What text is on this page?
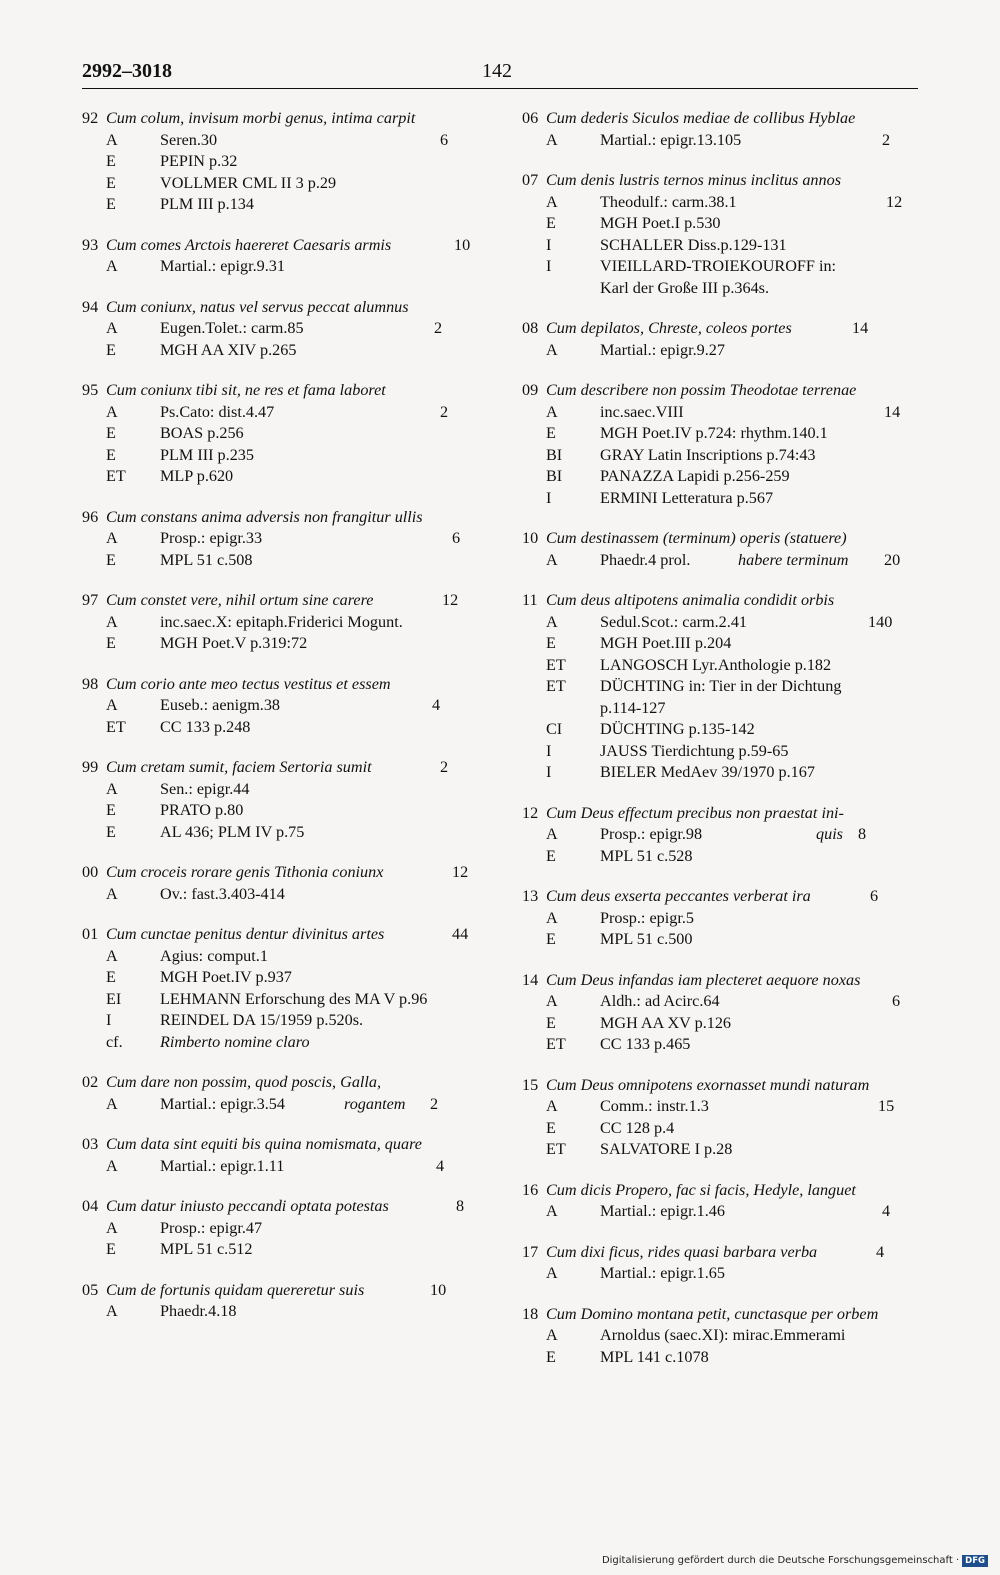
2992–3018	142
92 Cum colum, invisum morbi genus, intima carpit
A	Seren.30	6
E	PEPIN p.32
E	VOLLMER CML II 3 p.29
E	PLM III p.134
93 Cum comes Arctois haereret Caesaris armis	10
A	Martial.: epigr.9.31
94 Cum coniunx, natus vel servus peccat alumnus
A	Eugen.Tolet.: carm.85	2
E	MGH AA XIV p.265
95 Cum coniunx tibi sit, ne res et fama laboret
A	Ps.Cato: dist.4.47	2
E	BOAS p.256
E	PLM III p.235
ET MLP p.620
96 Cum constans anima adversis non frangitur ullis
A	Prosp.: epigr.33	6
E	MPL 51 c.508
97 Cum constet vere, nihil ortum sine carere	12
A	inc.saec.X: epitaph.Friderici Mogunt.
E	MGH Poet.V p.319:72
98 Cum corio ante meo tectus vestitus et essem
A	Euseb.: aenigm.38	4
ET CC 133 p.248
99 Cum cretam sumit, faciem Sertoria sumit	2
A	Sen.: epigr.44
E	PRATO p.80
E	AL 436; PLM IV p.75
00 Cum croceis rorare genis Tithonia coniunx	12
A	Ov.: fast.3.403-414
01 Cum cunctae penitus dentur divinitus artes	44
A	Agius: comput.1
E	MGH Poet.IV p.937
EI LEHMANN Erforschung des MA V p.96
I	REINDEL DA 15/1959 p.520s.
cf. Rimberto nomine claro
02 Cum dare non possim, quod poscis, Galla,
A	Martial.: epigr.3.54	rogantem 2
03 Cum data sint equiti bis quina nomismata, quare
A	Martial.: epigr.1.11	4
04 Cum datur iniusto peccandi optata potestas	8
A	Prosp.: epigr.47
E	MPL 51 c.512
05 Cum de fortunis quidam quereretur suis	10
A	Phaedr.4.18
06 Cum dederis Siculos mediae de collibus Hyblae
A	Martial.: epigr.13.105	2
07 Cum denis lustris ternos minus inclitus annos
A	Theodulf.: carm.38.1	12
E	MGH Poet.I p.530
I	SCHALLER Diss.p.129-131
I	VIEILLARD-TROIEKOUROFF in:
Karl der Große III p.364s.
08 Cum depilatos, Chreste, coleos portes	14
A	Martial.: epigr.9.27
09 Cum describere non possim Theodotae terrenae
A	inc.saec.VIII	14
E	MGH Poet.IV p.724: rhythm.140.1
BI GRAY Latin Inscriptions p.74:43
BI PANAZZA Lapidi p.256-259
I	ERMINI Letteratura p.567
10 Cum destinassem (terminum) operis (statuere)
A	Phaedr.4 prol.	habere terminum 20
11 Cum deus altipotens animalia condidit orbis
A	Sedul.Scot.: carm.2.41	140
E	MGH Poet.III p.204
ET LANGOSCH Lyr.Anthologie p.182
ET DÜCHTING in: Tier in der Dichtung
p.114-127
CI DÜCHTING p.135-142
I	JAUSS Tierdichtung p.59-65
I	BIELER MedAev 39/1970 p.167
12 Cum Deus effectum precibus non praestat ini-
A	Prosp.: epigr.98	quis 8
E	MPL 51 c.528
13 Cum deus exserta peccantes verberat ira	6
A	Prosp.: epigr.5
E	MPL 51 c.500
14 Cum Deus infandas iam plecteret aequore noxas
A	Aldh.: ad Acirc.64	6
E	MGH AA XV p.126
ET CC 133 p.465
15 Cum Deus omnipotens exornasset mundi naturam
A	Comm.: instr.1.3	15
E	CC 128 p.4
ET SALVATORE I p.28
16 Cum dicis Propero, fac si facis, Hedyle, languet
A	Martial.: epigr.1.46	4
17 Cum dixi ficus, rides quasi barbara verba	4
A	Martial.: epigr.1.65
18 Cum Domino montana petit, cunctasque per orbem
A	Arnoldus (saec.XI): mirac.Emmerami
E	MPL 141 c.1078
Digitalisierung gefördert durch die Deutsche Forschungsgemeinschaft · DFG
